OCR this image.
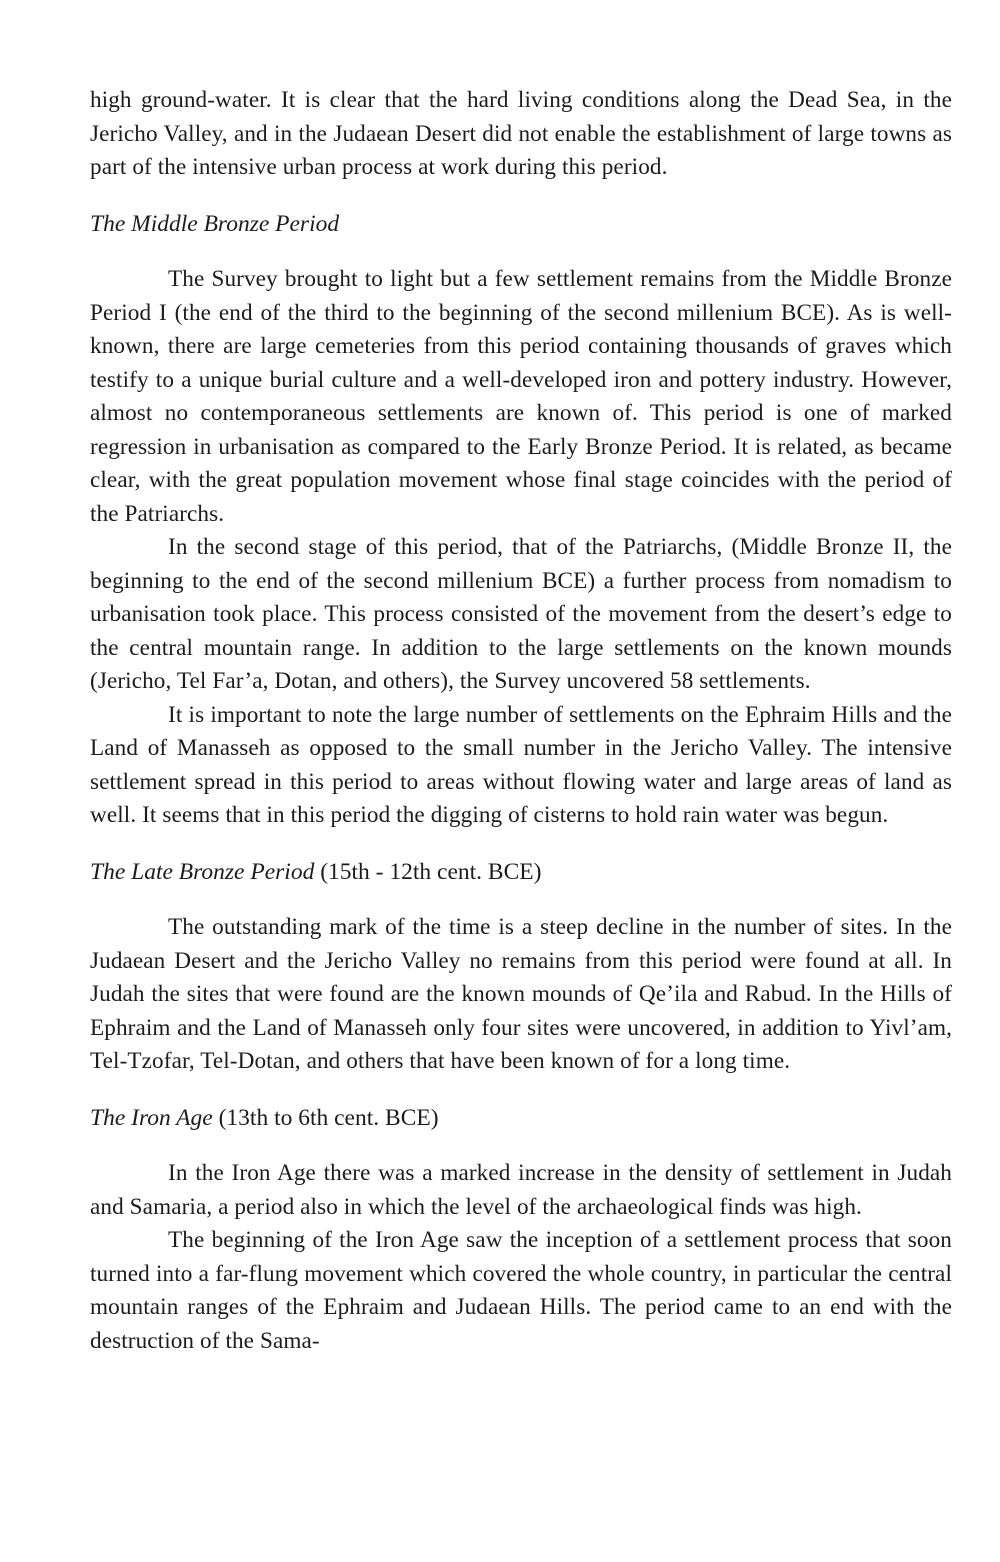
high ground-water. It is clear that the hard living conditions along the Dead Sea, in the Jericho Valley, and in the Judaean Desert did not enable the establishment of large towns as part of the intensive urban process at work during this period.

The Middle Bronze Period

The Survey brought to light but a few settlement remains from the Middle Bronze Period I (the end of the third to the beginning of the second millenium BCE). As is well-known, there are large cemeteries from this period containing thousands of graves which testify to a unique burial culture and a well-developed iron and pottery industry. However, almost no contemporaneous settlements are known of. This period is one of marked regression in urbanisation as compared to the Early Bronze Period. It is related, as became clear, with the great population movement whose final stage coincides with the period of the Patriarchs.

In the second stage of this period, that of the Patriarchs, (Middle Bronze II, the beginning to the end of the second millenium BCE) a further process from nomadism to urbanisation took place. This process consisted of the movement from the desert’s edge to the central mountain range. In addition to the large settlements on the known mounds (Jericho, Tel Far’a, Dotan, and others), the Survey uncovered 58 settlements.

It is important to note the large number of settlements on the Ephraim Hills and the Land of Manasseh as opposed to the small number in the Jericho Valley. The intensive settlement spread in this period to areas without flowing water and large areas of land as well. It seems that in this period the digging of cisterns to hold rain water was begun.

The Late Bronze Period (15th - 12th cent. BCE)

The outstanding mark of the time is a steep decline in the number of sites. In the Judaean Desert and the Jericho Valley no remains from this period were found at all. In Judah the sites that were found are the known mounds of Qe’ila and Rabud. In the Hills of Ephraim and the Land of Manasseh only four sites were uncovered, in addition to Yivl’am, Tel-Tzofar, Tel-Dotan, and others that have been known of for a long time.

The Iron Age (13th to 6th cent. BCE)

In the Iron Age there was a marked increase in the density of settlement in Judah and Samaria, a period also in which the level of the archaeological finds was high.

The beginning of the Iron Age saw the inception of a settlement process that soon turned into a far-flung movement which covered the whole country, in particular the central mountain ranges of the Ephraim and Judaean Hills. The period came to an end with the destruction of the Sama-
